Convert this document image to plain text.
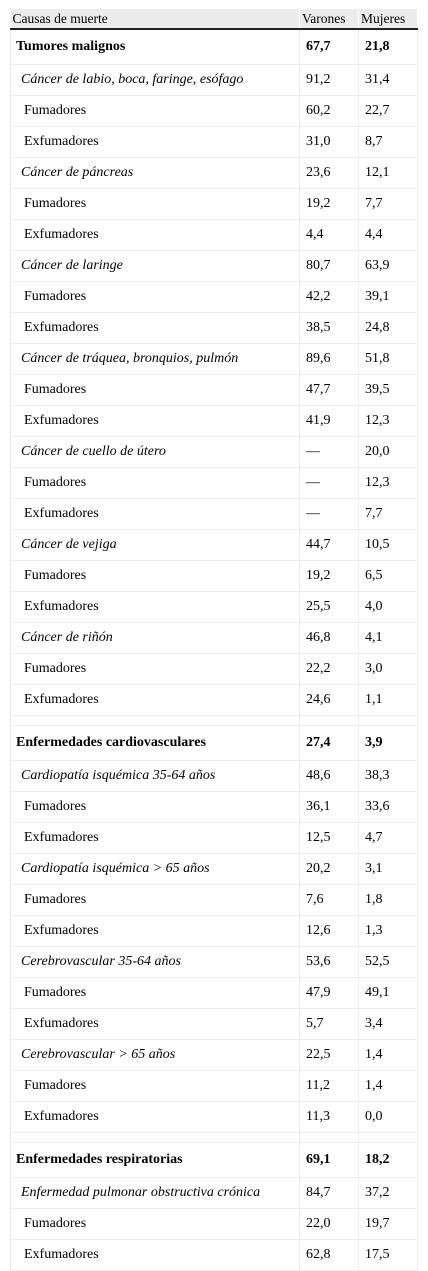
Causas de muerte	Varones	Mujeres
Tumores malignos	67,7	21,8
Cáncer de labio, boca, faringe, esófago	91,2	31,4
Fumadores	60,2	22,7
Exfumadores	31,0	8,7
Cáncer de páncreas	23,6	12,1
Fumadores	19,2	7,7
Exfumadores	4,4	4,4
Cáncer de laringe	80,7	63,9
Fumadores	42,2	39,1
Exfumadores	38,5	24,8
Cáncer de tráquea, bronquios, pulmón	89,6	51,8
Fumadores	47,7	39,5
Exfumadores	41,9	12,3
Cáncer de cuello de útero	—	20,0
Fumadores	—	12,3
Exfumadores	—	7,7
Cáncer de vejiga	44,7	10,5
Fumadores	19,2	6,5
Exfumadores	25,5	4,0
Cáncer de riñón	46,8	4,1
Fumadores	22,2	3,0
Exfumadores	24,6	1,1

Enfermedades cardiovasculares	27,4	3,9
Cardiopatía isquémica 35-64 años	48,6	38,3
Fumadores	36,1	33,6
Exfumadores	12,5	4,7
Cardiopatía isquémica > 65 años	20,2	3,1
Fumadores	7,6	1,8
Exfumadores	12,6	1,3
Cerebrovascular 35-64 años	53,6	52,5
Fumadores	47,9	49,1
Exfumadores	5,7	3,4
Cerebrovascular > 65 años	22,5	1,4
Fumadores	11,2	1,4
Exfumadores	11,3	0,0

Enfermedades respiratorias	69,1	18,2
Enfermedad pulmonar obstructiva crónica	84,7	37,2
Fumadores	22,0	19,7
Exfumadores	62,8	17,5
